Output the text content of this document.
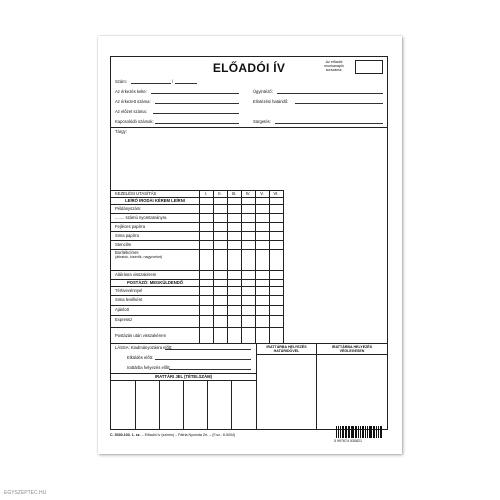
ELŐADÓI ÍV	Az előadói
munkanapló
sorszáma:
Szám:	/
Az érkezés kelte:	Ügyintéző:
Az érkezett száma:	Elintézési határidő:
Az előzet száma:
Kapcsolódó számok:	Sürgetés:
Tárgy:
KEZELÉSI UTASÍTÁS	I.	II.	III.	IV.	V.	VI.
LEÍRÓ IRODÁI KÉREM LEÍRNI
Példányszám:
........ számú nyomtatványra
Fejléces papírra
Sima papírra
Stencilre
Borítékcímre
(átiratok, kísérők, nagyíveket)
Aláírásra visszakérem
POSTÁZÓ: MEGKÜLDENDŐ
Tértivevénnyel
Sima levélként
Ajánlott
Expressz
Postázás után visszakérem
LÁSSA: Kiadmányozásra előtt:
Elküldés előtt:
Irattárba helyezés előtt:
IRATTÁRI JEL (TÉTELSZÁM)
IRATTÁRBA HELYEZÉS
HATÁRIDŐVEL
IRATTÁRBA HELYEZÉS
VÉGLEGESEN
C. 5330-103. 1. sz. – Előadói ív (színes) – Pátria Nyomda Zrt. – (F.sz.: 8-5004)
5 997674 530821
EGYSZEPTEC.HU
